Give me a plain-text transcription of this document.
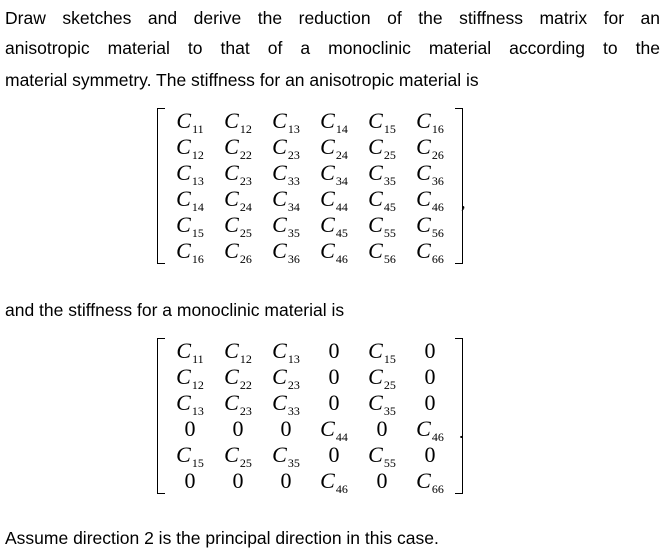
Draw sketches and derive the reduction of the stiffness matrix for an
anisotropic material to that of a monoclinic material according to the
material symmetry. The stiffness for an anisotropic material is
$C_{11}$ $C_{12}$ $C_{13}$ $C_{14}$ $C_{15}$ $C_{16}$
$C_{12}$ $C_{22}$ $C_{23}$ $C_{24}$ $C_{25}$ $C_{26}$
$C_{13}$ $C_{23}$ $C_{33}$ $C_{34}$ $C_{35}$ $C_{36}$
$C_{14}$ $C_{24}$ $C_{34}$ $C_{44}$ $C_{45}$ $C_{46}$
$C_{15}$ $C_{25}$ $C_{35}$ $C_{45}$ $C_{55}$ $C_{56}$
$C_{16}$ $C_{26}$ $C_{36}$ $C_{46}$ $C_{56}$ $C_{66}$
,
and the stiffness for a monoclinic material is
$C_{11}$ $C_{12}$ $C_{13}$	0	$C_{15}$	0
$C_{12}$ $C_{22}$ $C_{23}$	0	$C_{25}$	0
$C_{13}$ $C_{23}$ $C_{33}$	0	$C_{35}$	0
0	0	0	$C_{44}$	0	$C_{46}$
$C_{15}$ $C_{25}$ $C_{35}$	0	$C_{55}$	0
0	0	0	$C_{46}$	0	$C_{66}$
.
Assume direction 2 is the principal direction in this case.
